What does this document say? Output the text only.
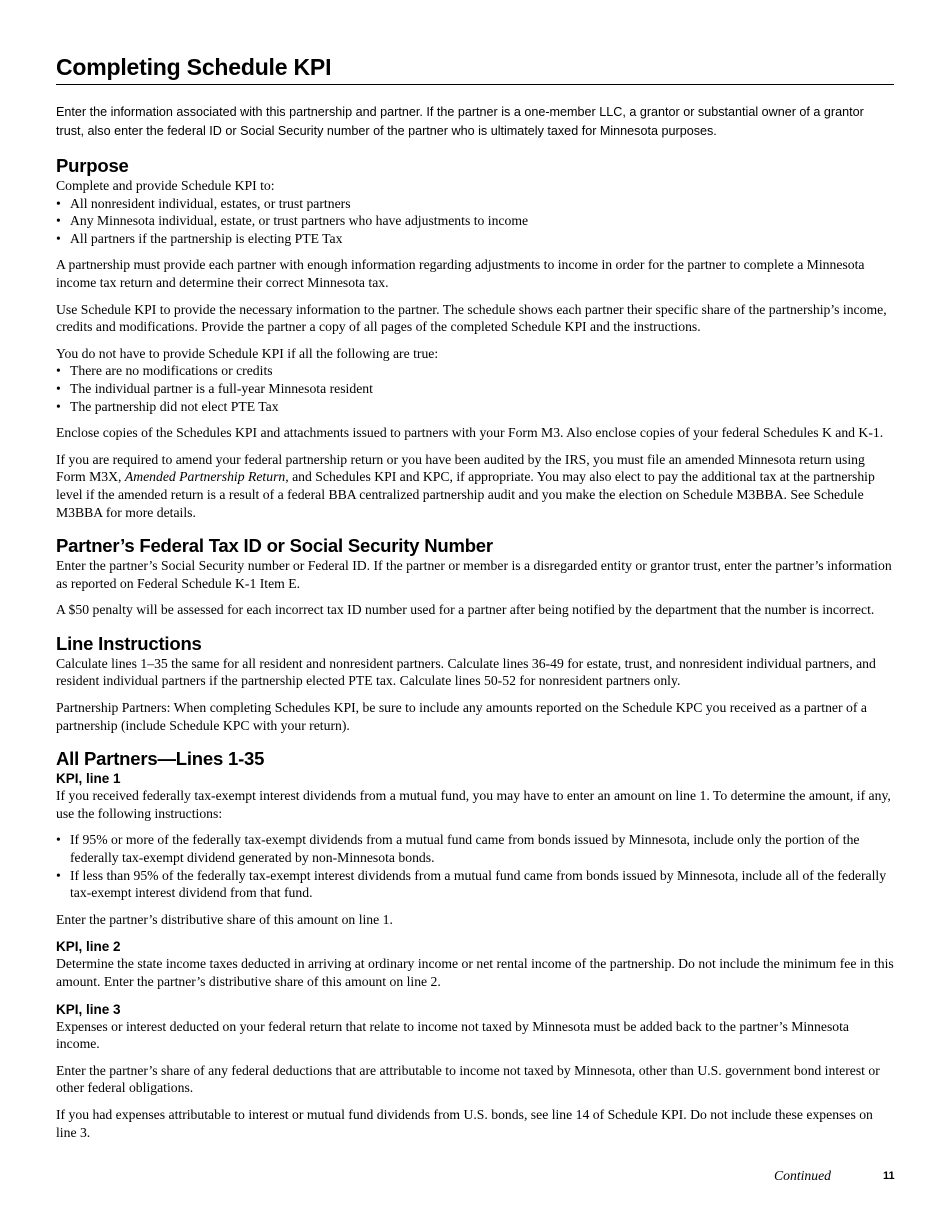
Completing Schedule KPI

Enter the information associated with this partnership and partner. If the partner is a one-member LLC, a grantor or substantial owner of a grantor trust, also enter the federal ID or Social Security number of the partner who is ultimately taxed for Minnesota purposes.

Purpose

Complete and provide Schedule KPI to:

• All nonresident individual, estates, or trust partners
• Any Minnesota individual, estate, or trust partners who have adjustments to income
• All partners if the partnership is electing PTE Tax

A partnership must provide each partner with enough information regarding adjustments to income in order for the partner to complete a Minnesota income tax return and determine their correct Minnesota tax.

Use Schedule KPI to provide the necessary information to the partner. The schedule shows each partner their specific share of the partnership’s income, credits and modifications. Provide the partner a copy of all pages of the completed Schedule KPI and the instructions.

You do not have to provide Schedule KPI if all the following are true:

• There are no modifications or credits
• The individual partner is a full-year Minnesota resident
• The partnership did not elect PTE Tax

Enclose copies of the Schedules KPI and attachments issued to partners with your Form M3. Also enclose copies of your federal Schedules K and K-1.

If you are required to amend your federal partnership return or you have been audited by the IRS, you must file an amended Minnesota return using Form M3X, Amended Partnership Return, and Schedules KPI and KPC, if appropriate. You may also elect to pay the additional tax at the partnership level if the amended return is a result of a federal BBA centralized partnership audit and you make the election on Schedule M3BBA. See Schedule M3BBA for more details.

Partner’s Federal Tax ID or Social Security Number

Enter the partner’s Social Security number or Federal ID. If the partner or member is a disregarded entity or grantor trust, enter the partner’s information as reported on Federal Schedule K-1 Item E.

A $50 penalty will be assessed for each incorrect tax ID number used for a partner after being notified by the department that the number is incorrect.

Line Instructions

Calculate lines 1–35 the same for all resident and nonresident partners. Calculate lines 36-49 for estate, trust, and nonresident individual partners, and resident individual partners if the partnership elected PTE tax. Calculate lines 50-52 for nonresident partners only.

Partnership Partners: When completing Schedules KPI, be sure to include any amounts reported on the Schedule KPC you received as a partner of a partnership (include Schedule KPC with your return).

All Partners—Lines 1-35
KPI, line 1

If you received federally tax-exempt interest dividends from a mutual fund, you may have to enter an amount on line 1. To determine the amount, if any, use the following instructions:

• If 95% or more of the federally tax-exempt dividends from a mutual fund came from bonds issued by Minnesota, include only the portion of the federally tax-exempt dividend generated by non-Minnesota bonds.
• If less than 95% of the federally tax-exempt interest dividends from a mutual fund came from bonds issued by Minnesota, include all of the federally tax-exempt interest dividend from that fund.

Enter the partner’s distributive share of this amount on line 1.

KPI, line 2

Determine the state income taxes deducted in arriving at ordinary income or net rental income of the partnership. Do not include the minimum fee in this amount. Enter the partner’s distributive share of this amount on line 2.

KPI, line 3

Expenses or interest deducted on your federal return that relate to income not taxed by Minnesota must be added back to the partner’s Minnesota income.

Enter the partner’s share of any federal deductions that are attributable to income not taxed by Minnesota, other than U.S. government bond interest or other federal obligations.

If you had expenses attributable to interest or mutual fund dividends from U.S. bonds, see line 14 of Schedule KPI. Do not include these expenses on line 3.

Continued	11
